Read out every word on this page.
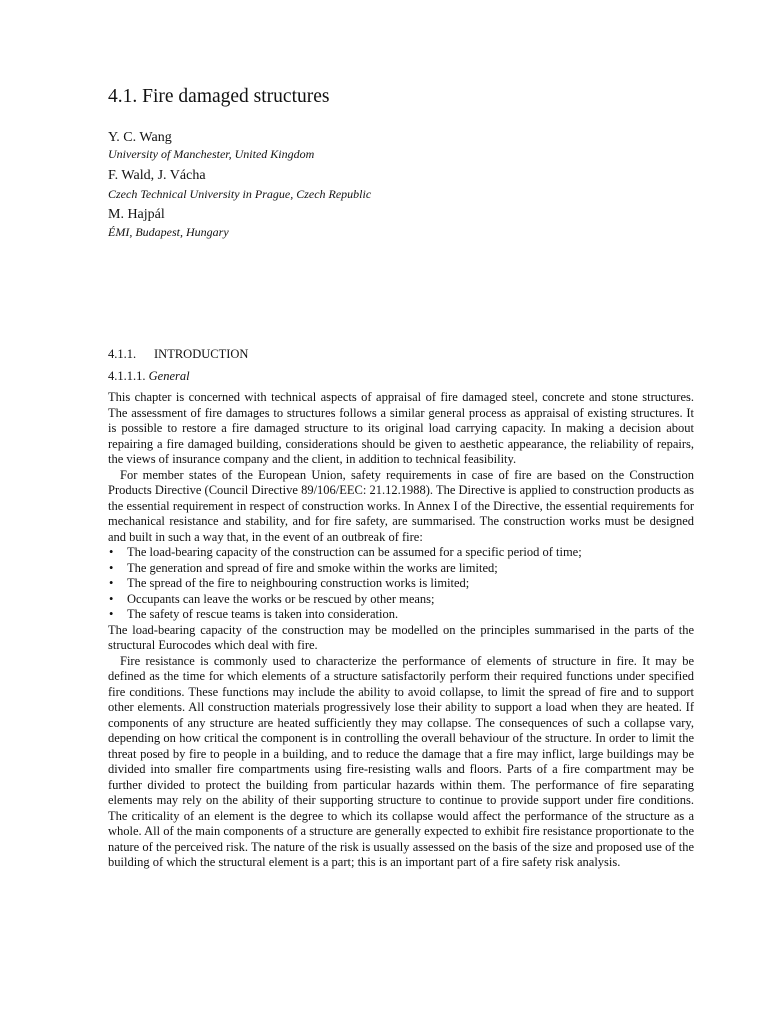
4.1. Fire damaged structures
Y. C. Wang
University of Manchester, United Kingdom
F. Wald, J. Vácha
Czech Technical University in Prague, Czech Republic
M. Hajpál
ÉMI, Budapest, Hungary
4.1.1. INTRODUCTION
4.1.1.1. General

This chapter is concerned with technical aspects of appraisal of fire damaged steel, concrete and stone structures. The assessment of fire damages to structures follows a similar general process as appraisal of existing structures. It is possible to restore a fire damaged structure to its original load carrying capacity. In making a decision about repairing a fire damaged building, considerations should be given to aesthetic appearance, the reliability of repairs, the views of insurance company and the client, in addition to technical feasibility.

For member states of the European Union, safety requirements in case of fire are based on the Construction Products Directive (Council Directive 89/106/EEC: 21.12.1988). The Directive is applied to construction products as the essential requirement in respect of construction works. In Annex I of the Directive, the essential requirements for mechanical resistance and stability, and for fire safety, are summarised. The construction works must be designed and built in such a way that, in the event of an outbreak of fire:

• The load-bearing capacity of the construction can be assumed for a specific period of time;
• The generation and spread of fire and smoke within the works are limited;
• The spread of the fire to neighbouring construction works is limited;
• Occupants can leave the works or be rescued by other means;
• The safety of rescue teams is taken into consideration.

The load-bearing capacity of the construction may be modelled on the principles summarised in the parts of the structural Eurocodes which deal with fire.

Fire resistance is commonly used to characterize the performance of elements of structure in fire. It may be defined as the time for which elements of a structure satisfactorily perform their required functions under specified fire conditions. These functions may include the ability to avoid collapse, to limit the spread of fire and to support other elements. All construction materials progressively lose their ability to support a load when they are heated. If components of any structure are heated sufficiently they may collapse. The consequences of such a collapse vary, depending on how critical the component is in controlling the overall behaviour of the structure. In order to limit the threat posed by fire to people in a building, and to reduce the damage that a fire may inflict, large buildings may be divided into smaller fire compartments using fire-resisting walls and floors. Parts of a fire compartment may be further divided to protect the building from particular hazards within them. The performance of fire separating elements may rely on the ability of their supporting structure to continue to provide support under fire conditions. The criticality of an element is the degree to which its collapse would affect the performance of the structure as a whole. All of the main components of a structure are generally expected to exhibit fire resistance proportionate to the nature of the perceived risk. The nature of the risk is usually assessed on the basis of the size and proposed use of the building of which the structural element is a part; this is an important part of a fire safety risk analysis.
